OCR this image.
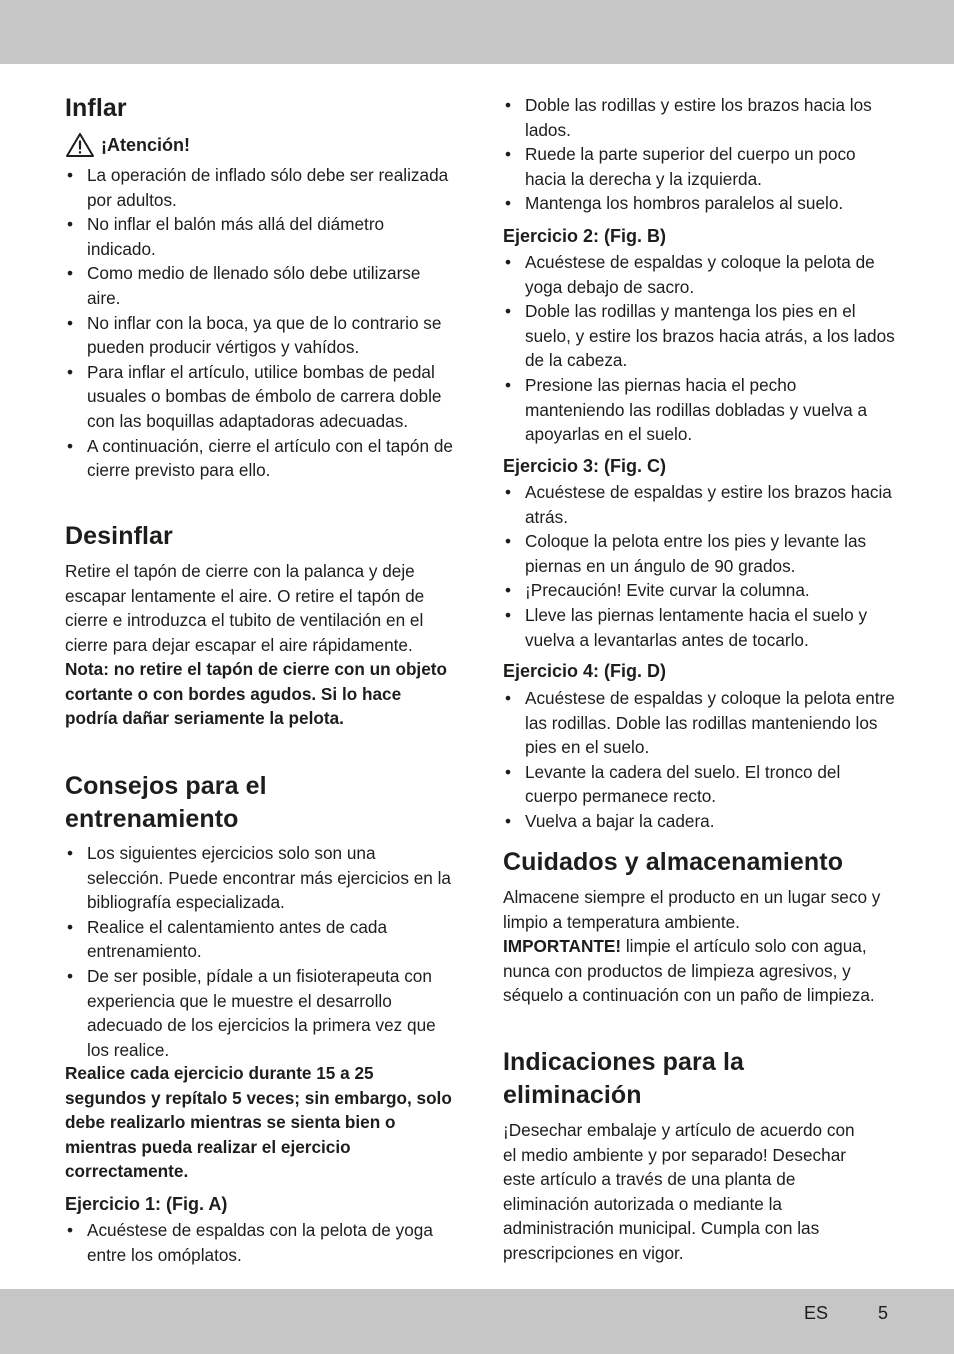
Inflar
¡Atención!
• La operación de inflado sólo debe ser realizada por adultos.
• No inflar el balón más allá del diámetro indicado.
• Como medio de llenado sólo debe utilizarse aire.
• No inflar con la boca, ya que de lo contrario se pueden producir vértigos y vahídos.
• Para inflar el artículo, utilice bombas de pedal usuales o bombas de émbolo de carrera doble con las boquillas adaptadoras adecuadas.
• A continuación, cierre el artículo con el tapón de cierre previsto para ello.
Desinflar

Retire el tapón de cierre con la palanca y deje escapar lentamente el aire. O retire el tapón de cierre e introduzca el tubito de ventilación en el cierre para dejar escapar el aire rápidamente.

Nota: no retire el tapón de cierre con un objeto cortante o con bordes agudos. Si lo hace podría dañar seriamente la pelota.

Consejos para el entrenamiento
• Los siguientes ejercicios solo son una selección. Puede encontrar más ejercicios en la bibliografía especializada.
• Realice el calentamiento antes de cada entrenamiento.
• De ser posible, pídale a un fisioterapeuta con experiencia que le muestre el desarrollo adecuado de los ejercicios la primera vez que los realice.

Realice cada ejercicio durante 15 a 25 segundos y repítalo 5 veces; sin embargo, solo debe realizarlo mientras se sienta bien o mientras pueda realizar el ejercicio correctamente.

Ejercicio 1: (Fig. A)
• Acuéstese de espaldas con la pelota de yoga entre los omóplatos.
• Doble las rodillas y estire los brazos hacia los lados.
• Ruede la parte superior del cuerpo un poco hacia la derecha y la izquierda.
• Mantenga los hombros paralelos al suelo.
Ejercicio 2: (Fig. B)
• Acuéstese de espaldas y coloque la pelota de yoga debajo de sacro.
• Doble las rodillas y mantenga los pies en el suelo, y estire los brazos hacia atrás, a los lados de la cabeza.
• Presione las piernas hacia el pecho manteniendo las rodillas dobladas y vuelva a apoyarlas en el suelo.
Ejercicio 3: (Fig. C)
• Acuéstese de espaldas y estire los brazos hacia atrás.
• Coloque la pelota entre los pies y levante las piernas en un ángulo de 90 grados.
• ¡Precaución! Evite curvar la columna.
• Lleve las piernas lentamente hacia el suelo y vuelva a levantarlas antes de tocarlo.
Ejercicio 4: (Fig. D)
• Acuéstese de espaldas y coloque la pelota entre las rodillas. Doble las rodillas manteniendo los pies en el suelo.
• Levante la cadera del suelo. El tronco del cuerpo permanece recto.
• Vuelva a bajar la cadera.
Cuidados y almacenamiento

Almacene siempre el producto en un lugar seco y limpio a temperatura ambiente.

IMPORTANTE! limpie el artículo solo con agua, nunca con productos de limpieza agresivos, y séquelo a continuación con un paño de limpieza.

Indicaciones para la eliminación

¡Desechar embalaje y artículo de acuerdo con el medio ambiente y por separado! Desechar este artículo a través de una planta de eliminación autorizada o mediante la administración municipal. Cumpla con las prescripciones en vigor.

ES	5
